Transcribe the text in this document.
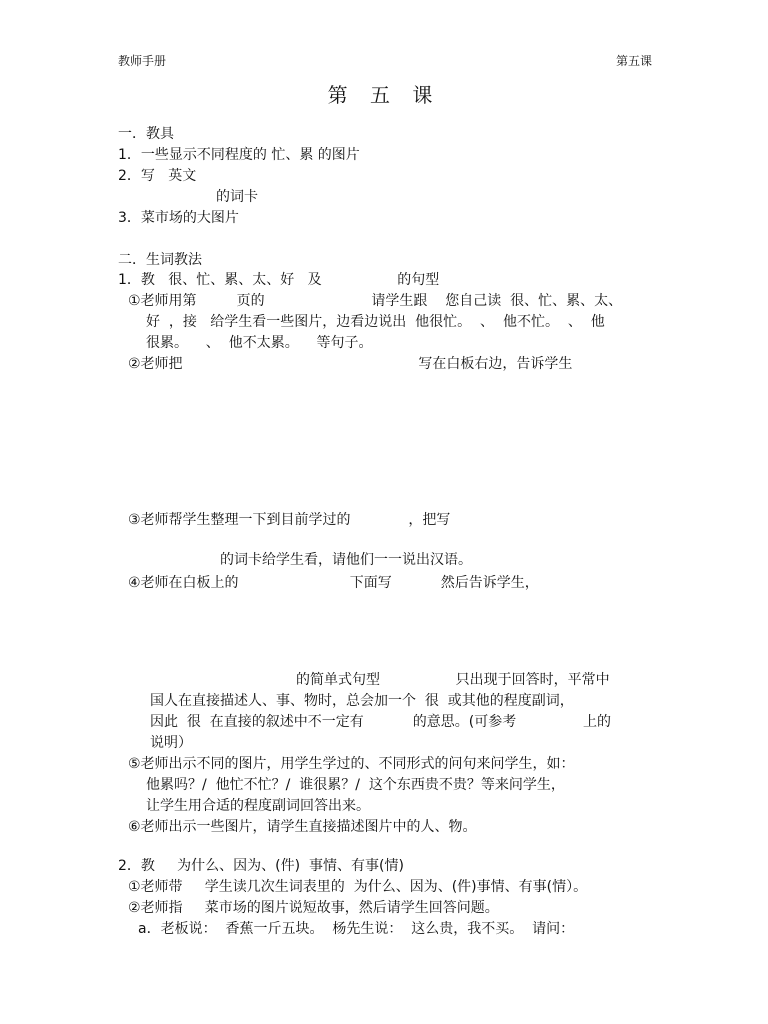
教师手册	第五课
第 五 课
一．教具
1．一些显示不同程度的 忙、累 的图片
2．写   英文
的词卡
3．菜市场的大图片
二．生词教法
1．教   很、忙、累、太、好   及                 的句型
①老师用第         页的                        请学生跟    您自己读  很、忙、累、太、
好  ，接   给学生看一些图片，边看边说出  他很忙。  、  他不忙。  、  他
很累。    、  他不太累。    等句子。
②老师把                                                     写在白板右边，告诉学生
③老师帮学生整理一下到目前学过的             ，把写
的词卡给学生看，请他们一一说出汉语。
④老师在白板上的                         下面写           然后告诉学生，
的简单式句型                 只出现于回答时，平常中
国人在直接描述人、事、物时，总会加一个  很  或其他的程度副词，
因此  很  在直接的叙述中不一定有           的意思。(可参考               上的
说明）
⑤老师出示不同的图片，用学生学过的、不同形式的问句来问学生，如：
他累吗？/  他忙不忙？/  谁很累？/  这个东西贵不贵？等来问学生，
让学生用合适的程度副词回答出来。
⑥老师出示一些图片，请学生直接描述图片中的人、物。
2．教     为什么、因为、(件)  事情、有事(情)
①老师带     学生读几次生词表里的  为什么、因为、(件)事情、有事(情）。
②老师指     菜市场的图片说短故事，然后请学生回答问题。
a．老板说：  香蕉一斤五块。  杨先生说：  这么贵，我不买。  请问：
